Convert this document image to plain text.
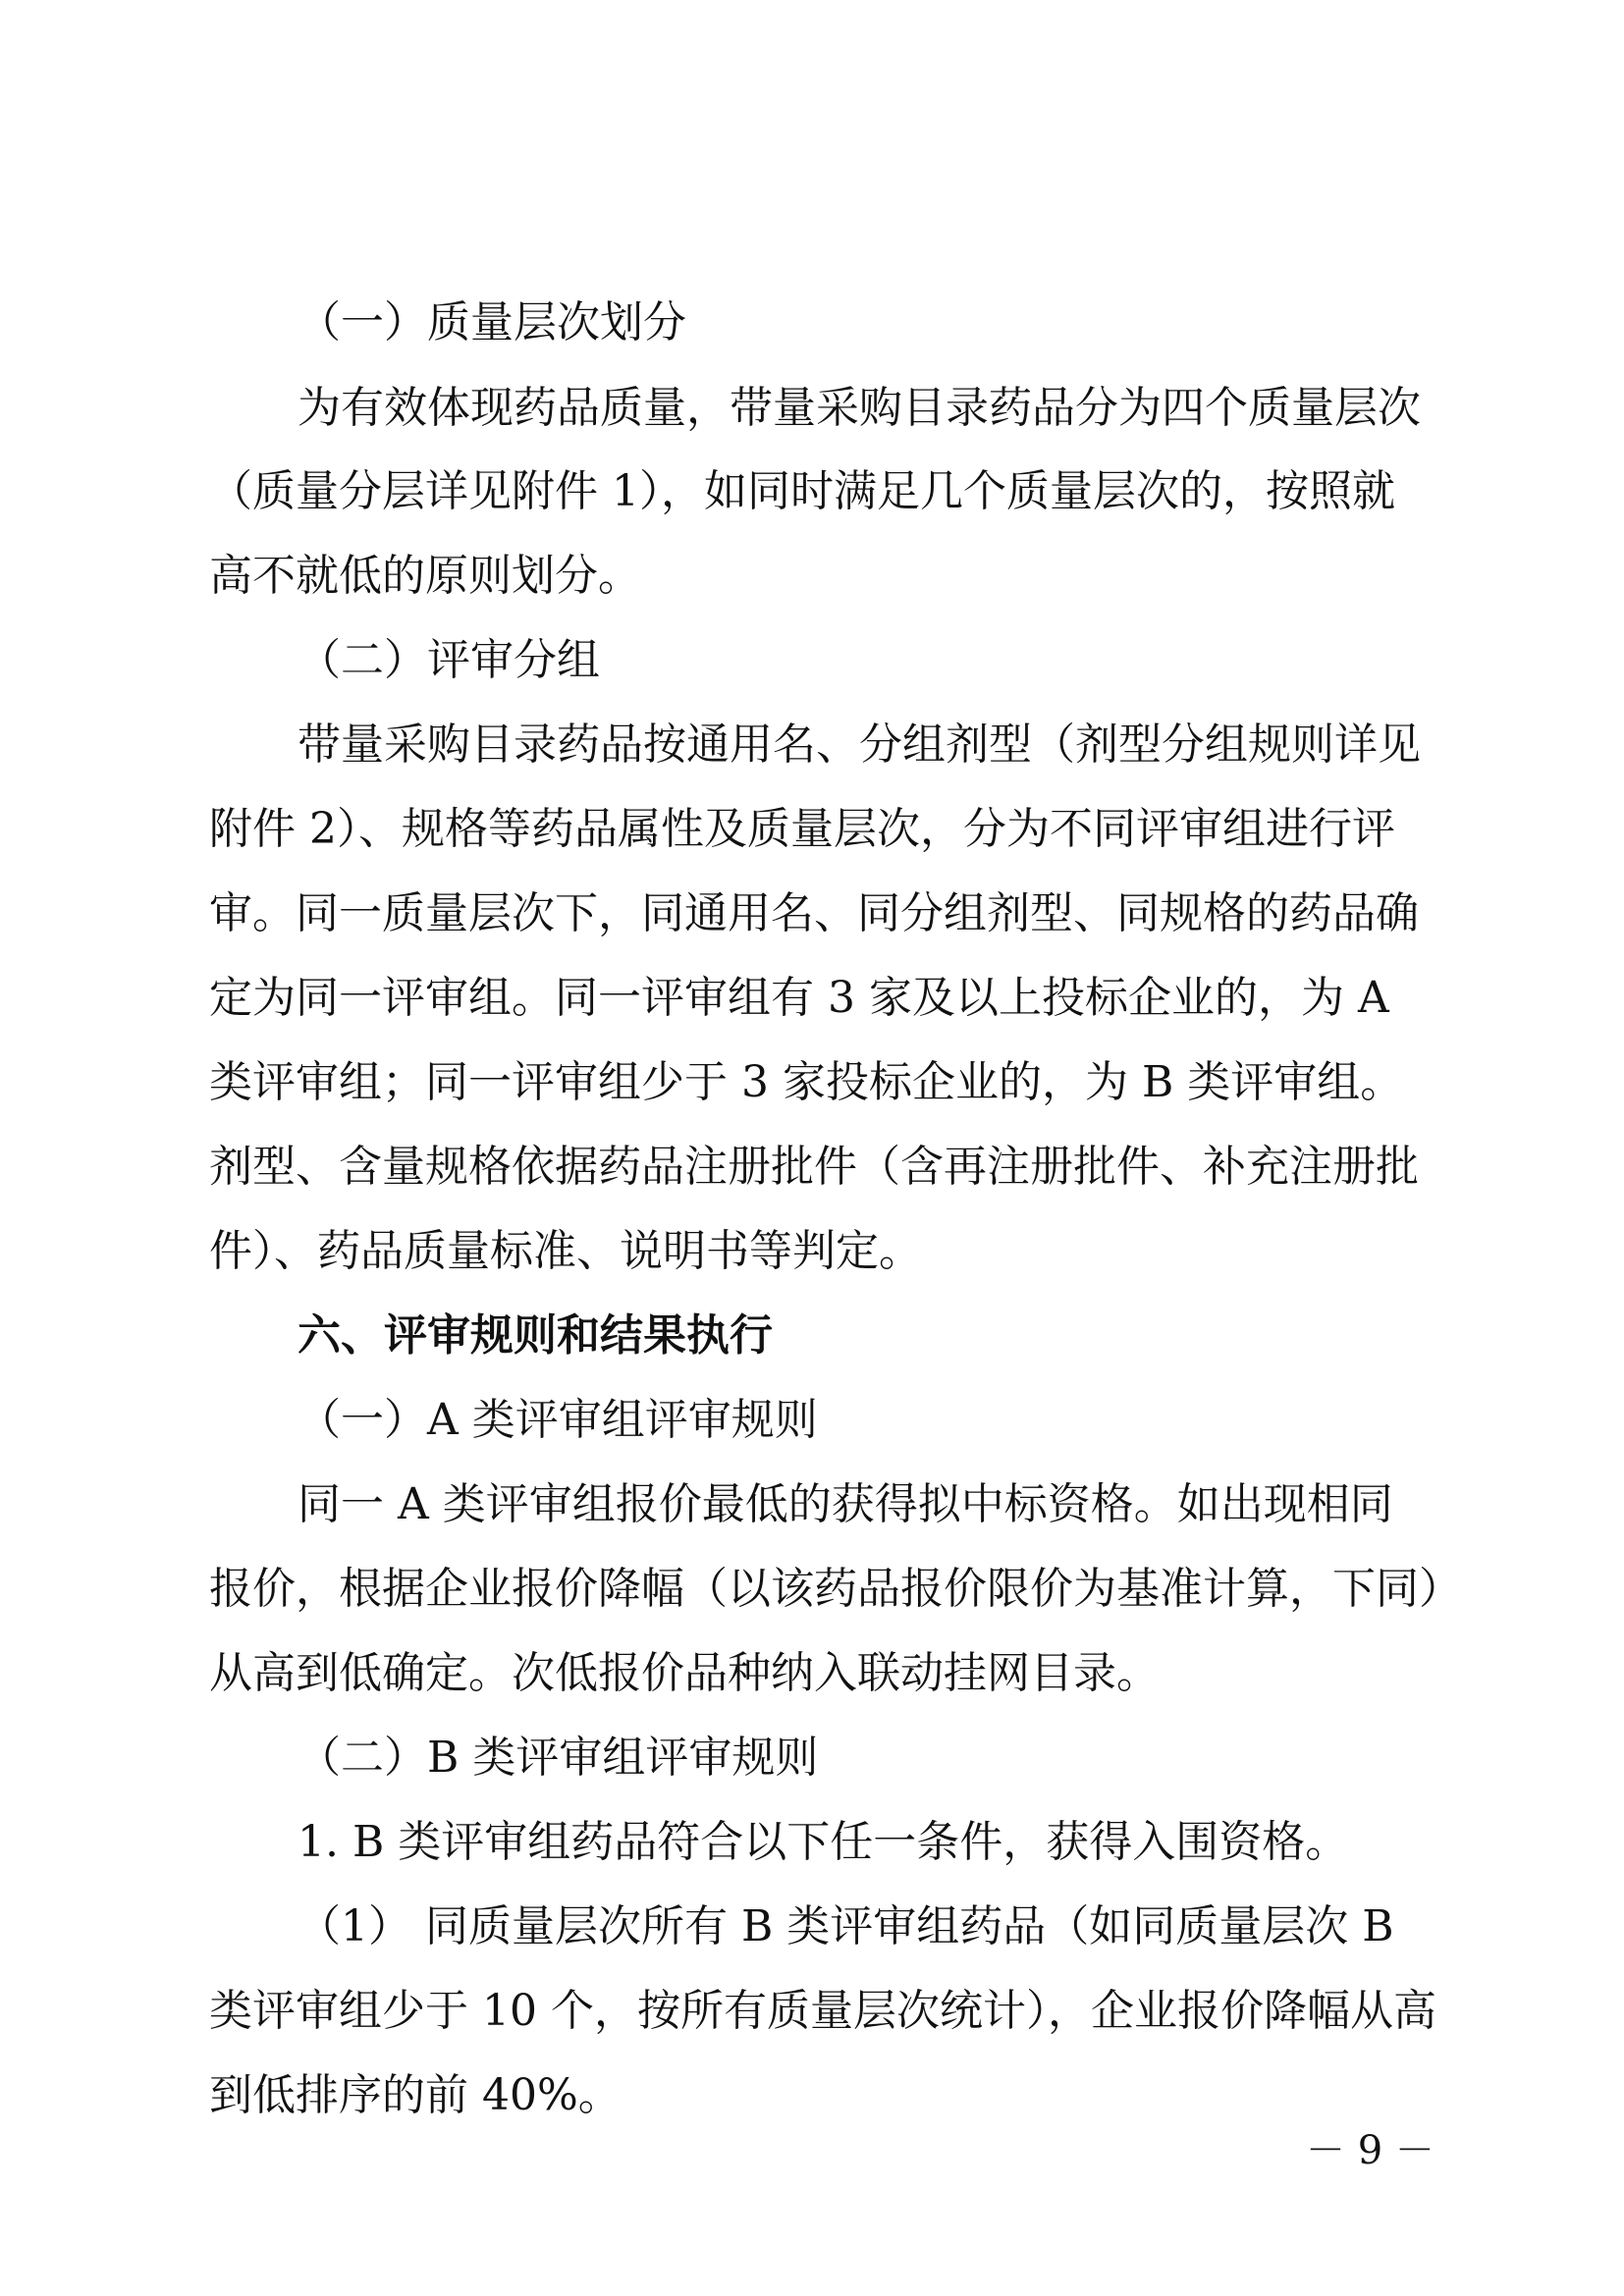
（一）质量层次划分

为有效体现药品质量，带量采购目录药品分为四个质量层次

（质量分层详见附件 1），如同时满足几个质量层次的，按照就

高不就低的原则划分。

（二）评审分组

带量采购目录药品按通用名、分组剂型（剂型分组规则详见

附件 2）、规格等药品属性及质量层次，分为不同评审组进行评

审。同一质量层次下，同通用名、同分组剂型、同规格的药品确

定为同一评审组。同一评审组有 3 家及以上投标企业的，为 A

类评审组；同一评审组少于 3 家投标企业的，为 B 类评审组。

剂型、含量规格依据药品注册批件（含再注册批件、补充注册批

件）、药品质量标准、说明书等判定。

六、评审规则和结果执行

（一）A 类评审组评审规则

同一 A 类评审组报价最低的获得拟中标资格。如出现相同

报价，根据企业报价降幅（以该药品报价限价为基准计算，下同）

从高到低确定。次低报价品种纳入联动挂网目录。

（二）B 类评审组评审规则

1. B 类评审组药品符合以下任一条件，获得入围资格。

（1） 同质量层次所有 B 类评审组药品（如同质量层次 B

类评审组少于 10 个，按所有质量层次统计），企业报价降幅从高

到低排序的前 40%。

－ 9 －
